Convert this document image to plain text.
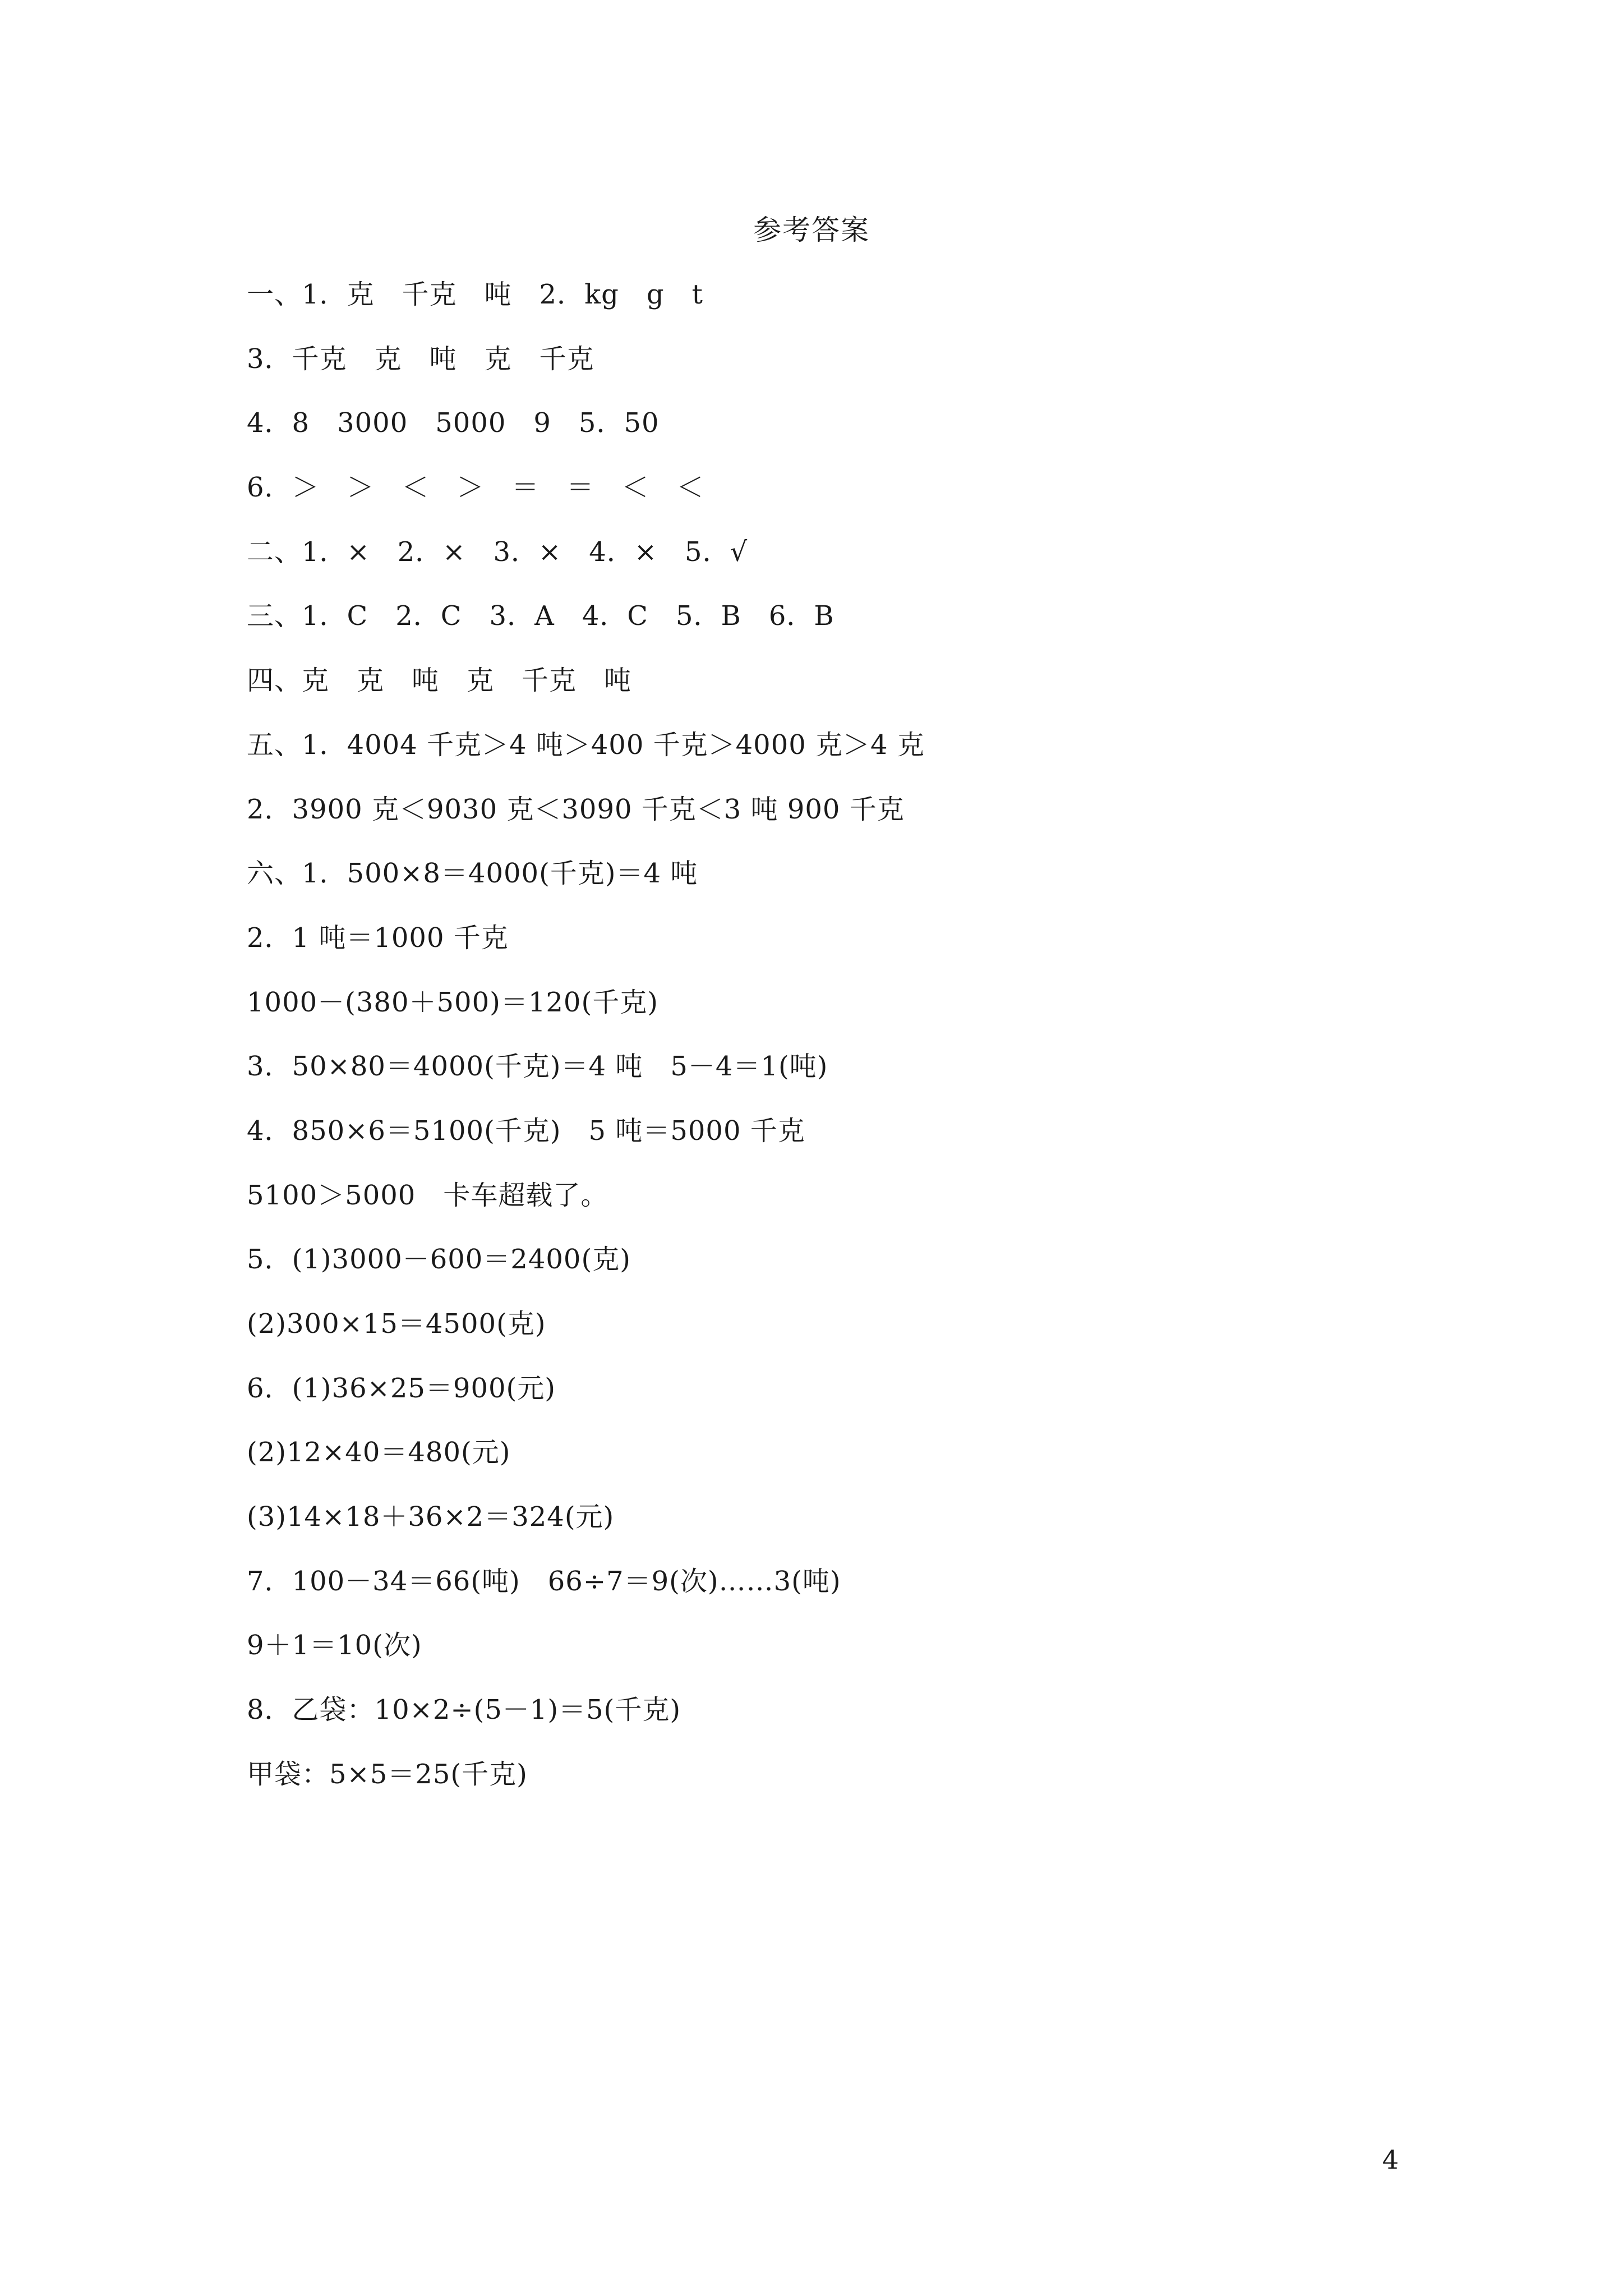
参考答案
一、1．克　千克　吨　2．kg　g　t
3．千克　克　吨　克　千克
4．8　3000　5000　9　5．50
6．＞　＞　＜　＞　＝　＝　＜　＜
二、1．×　2．×　3．×　4．×　5．√
三、1．C　2．C　3．A　4．C　5．B　6．B
四、克　克　吨　克　千克　吨
五、1．4004 千克＞4 吨＞400 千克＞4000 克＞4 克
2．3900 克＜9030 克＜3090 千克＜3 吨 900 千克
六、1．500×8＝4000(千克)＝4 吨
2．1 吨＝1000 千克
1000－(380＋500)＝120(千克)
3．50×80＝4000(千克)＝4 吨　5－4＝1(吨)
4．850×6＝5100(千克)　5 吨＝5000 千克
5100＞5000　卡车超载了。
5．(1)3000－600＝2400(克)
(2)300×15＝4500(克)
6．(1)36×25＝900(元)
(2)12×40＝480(元)
(3)14×18＋36×2＝324(元)
7．100－34＝66(吨)　66÷7＝9(次)……3(吨)
9＋1＝10(次)
8．乙袋：10×2÷(5－1)＝5(千克)
甲袋：5×5＝25(千克)
4
